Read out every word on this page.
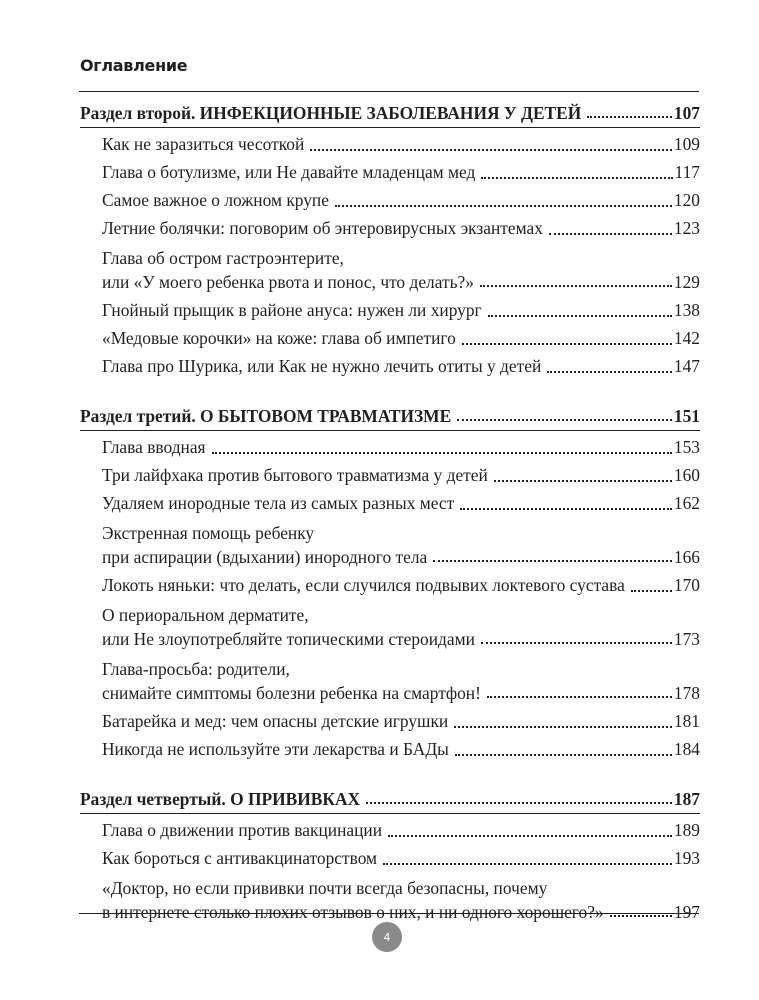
Оглавление
Раздел второй. ИНФЕКЦИОННЫЕ ЗАБОЛЕВАНИЯ У ДЕТЕЙ	107
Как не заразиться чесоткой	109
Глава о ботулизме, или Не давайте младенцам мед	117
Самое важное о ложном крупе	120
Летние болячки: поговорим об энтеровирусных экзантемах	123
Глава об остром гастроэнтерите,
или «У моего ребенка рвота и понос, что делать?»	129
Гнойный прыщик в районе ануса: нужен ли хирург	138
«Медовые корочки» на коже: глава об импетиго	142
Глава про Шурика, или Как не нужно лечить отиты у детей	147
Раздел третий. О БЫТОВОМ ТРАВМАТИЗМЕ	151
Глава вводная	153
Три лайфхака против бытового травматизма у детей	160
Удаляем инородные тела из самых разных мест	162
Экстренная помощь ребенку
при аспирации (вдыхании) инородного тела	166
Локоть няньки: что делать, если случился подвывих локтевого сустава	170
О периоральном дерматите,
или Не злоупотребляйте топическими стероидами	173
Глава-просьба: родители,
снимайте симптомы болезни ребенка на смартфон!	178
Батарейка и мед: чем опасны детские игрушки	181
Никогда не используйте эти лекарства и БАДы	184
Раздел четвертый. О ПРИВИВКАХ	187
Глава о движении против вакцинации	189
Как бороться с антивакцинаторством	193
«Доктор, но если прививки почти всегда безопасны, почему
в интернете столько плохих отзывов о них, и ни одного хорошего?»	197
4
